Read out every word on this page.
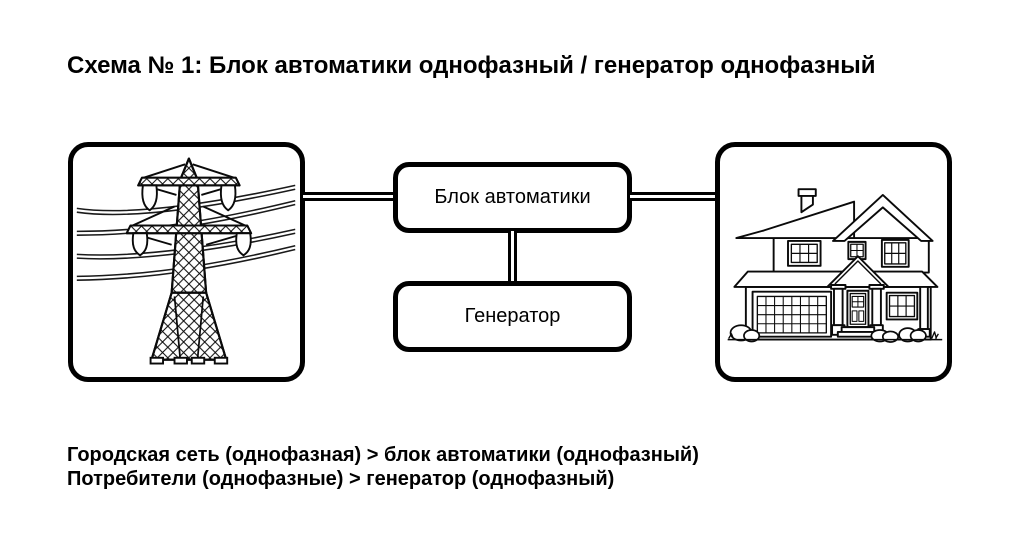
Схема № 1: Блок автоматики однофазный / генератор однофазный
Блок автоматики
Генератор
Городская сеть (однофазная) > блок автоматики (однофазный)
Потребители (однофазные) > генератор (однофазный)
